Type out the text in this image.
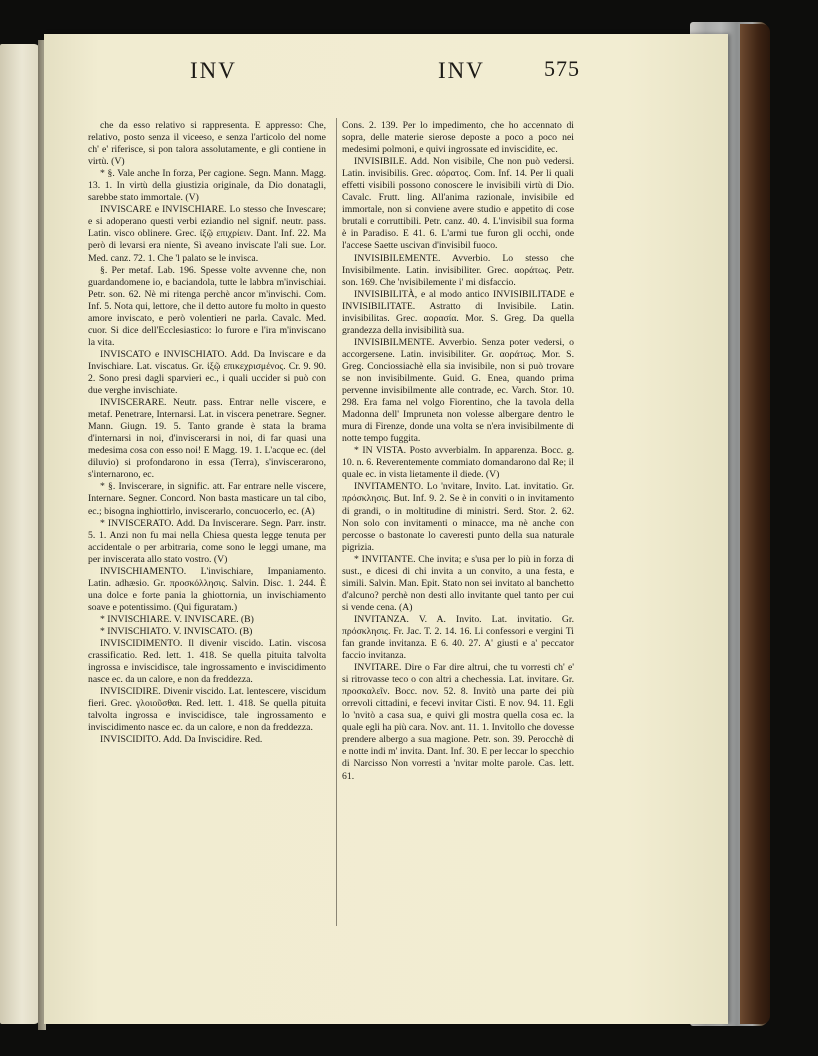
INV	INV	575

che da esso relativo si rappresenta. E appresso: Che, relativo, posto senza il viceeso, e senza l'articolo del nome ch' e' riferisce, si pon talora assolutamente, e gli contiene in virtù. (V)

* §. Vale anche In forza, Per cagione. Segn. Mann. Magg. 13. 1. In virtù della giustizia originale, da Dio donatagli, sarebbe stato immortale. (V)

INVISCARE e INVISCHIARE. Lo stesso che Invescare; e si adoperano questi verbi eziandio nel signif. neutr. pass. Latin. visco oblinere. Grec. ἰξῷ επιχρίειν. Dant. Inf. 22. Ma però di levarsi era niente, Sì aveano inviscate l'ali sue. Lor. Med. canz. 72. 1. Che 'l palato se le invisca.

§. Per metaf. Lab. 196. Spesse volte avvenne che, non guardandomene io, e baciandola, tutte le labbra m'invischiai. Petr. son. 62. Nè mi ritenga perchè ancor m'invischi. Com. Inf. 5. Nota qui, lettore, che il detto autore fu molto in questo amore inviscato, e però volentieri ne parla. Cavalc. Med. cuor. Si dice dell'Ecclesiastico: lo furore e l'ira m'inviscano la vita.

INVISCATO e INVISCHIATO. Add. Da Inviscare e da Invischiare. Lat. viscatus. Gr. ἰξῷ επικεχρισμένος. Cr. 9. 90. 2. Sono presi dagli sparvieri ec., i quali uccider si può con due verghe invischiate.

INVISCERARE. Neutr. pass. Entrar nelle viscere, e metaf. Penetrare, Internarsi. Lat. in viscera penetrare. Segner. Mann. Giugn. 19. 5. Tanto grande è stata la brama d'internarsi in noi, d'inviscerarsi in noi, di far quasi una medesima cosa con esso noi! E Magg. 19. 1. L'acque ec. (del diluvio) si profondarono in essa (Terra), s'inviscerarono, s'internarono, ec.

* §. Inviscerare, in signific. att. Far entrare nelle viscere, Internare. Segner. Concord. Non basta masticare un tal cibo, ec.; bisogna inghiottirlo, inviscerarlo, concuocerlo, ec. (A)

* INVISCERATO. Add. Da Inviscerare. Segn. Parr. instr. 5. 1. Anzi non fu mai nella Chiesa questa legge tenuta per accidentale o per arbitraria, come sono le leggi umane, ma per inviscerata allo stato vostro. (V)

INVISCHIAMENTO. L'invischiare, Impaniamento. Latin. adhæsio. Gr. προσκόλλησις. Salvin. Disc. 1. 244. È una dolce e forte pania la ghiottornia, un invischiamento soave e potentissimo. (Qui figuratam.)

* INVISCHIARE. V. INVISCARE. (B)

* INVISCHIATO. V. INVISCATO. (B)

INVISCIDIMENTO. Il divenir viscido. Latin. viscosa crassificatio. Red. lett. 1. 418. Se quella pituita talvolta ingrossa e inviscidisce, tale ingrossamento e inviscidimento nasce ec. da un calore, e non da freddezza.

INVISCIDIRE. Divenir viscido. Lat. lentescere, viscidum fieri. Grec. γλοιοῦσθαι. Red. lett. 1. 418. Se quella pituita talvolta ingrossa e inviscidisce, tale ingrossamento e inviscidimento nasce ec. da un calore, e non da freddezza.

INVISCIDITO. Add. Da Inviscidire. Red.

Cons. 2. 139. Per lo impedimento, che ho accennato di sopra, delle materie sierose deposte a poco a poco nei medesimi polmoni, e quivi ingrossate ed inviscidite, ec.

INVISIBILE. Add. Non visibile, Che non può vedersi. Latin. invisibilis. Grec. αόρατος. Com. Inf. 14. Per li quali effetti visibili possono conoscere le invisibili virtù di Dio. Cavalc. Frutt. ling. All'anima razionale, invisibile ed immortale, non si conviene avere studio e appetito di cose brutali e corruttibili. Petr. canz. 40. 4. L'invisibil sua forma è in Paradiso. E 41. 6. L'armi tue furon gli occhi, onde l'accese Saette uscivan d'invisibil fuoco.

INVISIBILEMENTE. Avverbio. Lo stesso che Invisibilmente. Latin. invisibiliter. Grec. αοράτως. Petr. son. 169. Che 'nvisibilemente i' mi disfaccio.

INVISIBILITÀ, e al modo antico INVISIBILITADE e INVISIBILITATE. Astratto di Invisibile. Latin. invisibilitas. Grec. αορασία. Mor. S. Greg. Da quella grandezza della invisibilità sua.

INVISIBILMENTE. Avverbio. Senza poter vedersi, o accorgersene. Latin. invisibiliter. Gr. αοράτως. Mor. S. Greg. Conciossiachè ella sia invisibile, non si può trovare se non invisibilmente. Guid. G. Enea, quando prima pervenne invisibilmente alle contrade, ec. Varch. Stor. 10. 298. Era fama nel volgo Fiorentino, che la tavola della Madonna dell' Impruneta non volesse albergare dentro le mura di Firenze, donde una volta se n'era invisibilmente di notte tempo fuggita.

* IN VISTA. Posto avverbialm. In apparenza. Bocc. g. 10. n. 6. Reverentemente commiato domandarono dal Re; il quale ec. in vista lietamente il diede. (V)

INVITAMENTO. Lo 'nvitare, Invito. Lat. invitatio. Gr. πρόσκλησις. But. Inf. 9. 2. Se è in conviti o in invitamento di grandi, o in moltitudine di ministri. Serd. Stor. 2. 62. Non solo con invitamenti o minacce, ma nè anche con percosse o bastonate lo caveresti punto della sua naturale pigrizia.

* INVITANTE. Che invita; e s'usa per lo più in forza di sust., e dicesi di chi invita a un convito, a una festa, e simili. Salvin. Man. Epit. Stato non sei invitato al banchetto d'alcuno? perchè non desti allo invitante quel tanto per cui si vende cena. (A)

INVITANZA. V. A. Invito. Lat. invitatio. Gr. πρόσκλησις. Fr. Jac. T. 2. 14. 16. Li confessori e vergini Ti fan grande invitanza. E 6. 40. 27. A' giusti e a' peccator faccio invitanza.

INVITARE. Dire o Far dire altrui, che tu vorresti ch' e' si ritrovasse teco o con altri a chechessia. Lat. invitare. Gr. προσκαλεῖν. Bocc. nov. 52. 8. Invitò una parte dei più orrevoli cittadini, e fecevi invitar Cisti. E nov. 94. 11. Egli lo 'nvitò a casa sua, e quivi gli mostra quella cosa ec. la quale egli ha più cara. Nov. ant. 11. 1. Invitollo che dovesse prendere albergo a sua magione. Petr. son. 39. Perocchè di e notte indi m' invita. Dant. Inf. 30. E per leccar lo specchio di Narcisso Non vorresti a 'nvitar molte parole. Cas. lett. 61.
